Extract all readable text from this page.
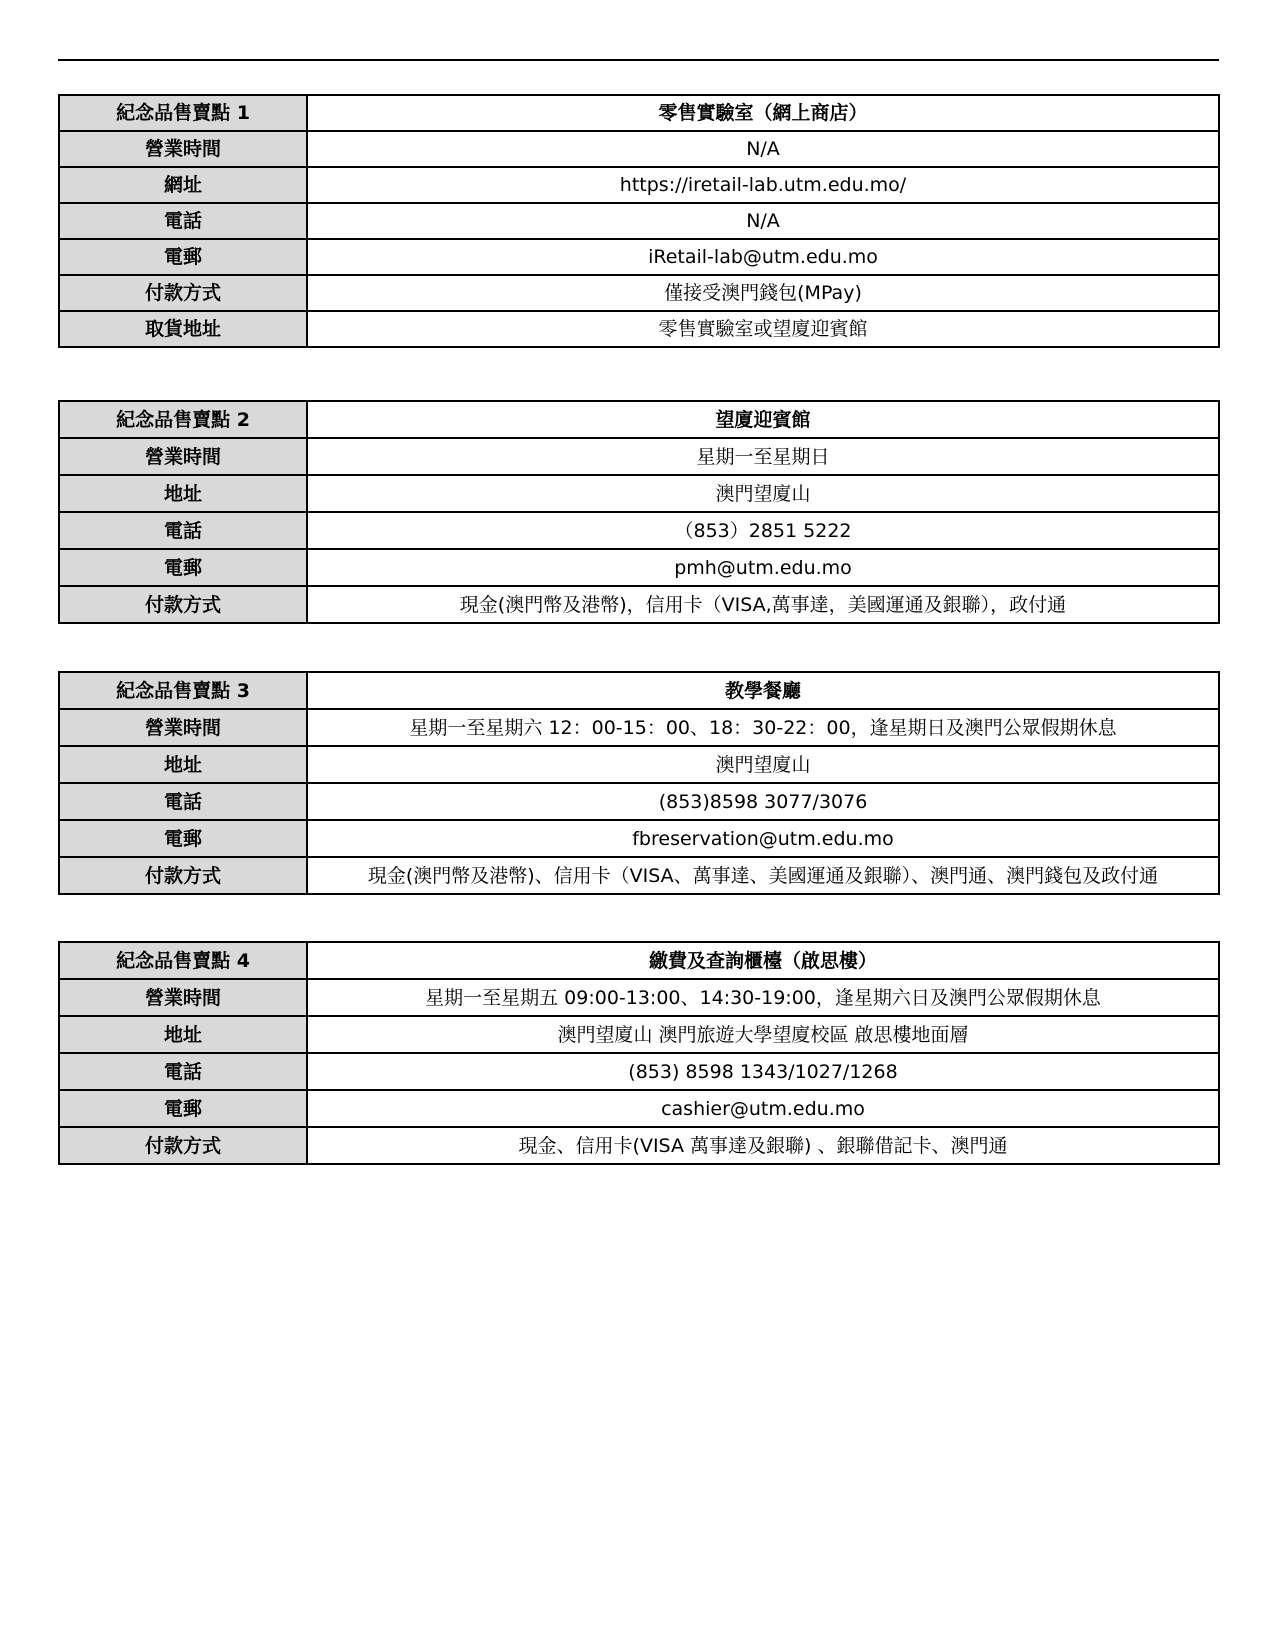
紀念品售賣點 1	零售實驗室（網上商店）
營業時間	N/A
網址	https://iretail-lab.utm.edu.mo/
電話	N/A
電郵	iRetail-lab@utm.edu.mo
付款方式	僅接受澳門錢包(MPay)
取貨地址	零售實驗室或望廈迎賓館
紀念品售賣點 2	望廈迎賓館
營業時間	星期一至星期日
地址	澳門望廈山
電話	（853）2851 5222
電郵	pmh@utm.edu.mo
付款方式	現金(澳門幣及港幣)，信用卡（VISA,萬事達，美國運通及銀聯），政付通
紀念品售賣點 3	教學餐廳
營業時間	星期一至星期六 12：00-15：00、18：30-22：00，逢星期日及澳門公眾假期休息
地址	澳門望廈山
電話	(853)8598 3077/3076
電郵	fbreservation@utm.edu.mo
付款方式	現金(澳門幣及港幣)、信用卡（VISA、萬事達、美國運通及銀聯）、澳門通、澳門錢包及政付通
紀念品售賣點 4	繳費及查詢櫃檯（啟思樓）
營業時間	星期一至星期五 09:00-13:00、14:30-19:00，逢星期六日及澳門公眾假期休息
地址	澳門望廈山 澳門旅遊大學望廈校區 啟思樓地面層
電話	(853) 8598 1343/1027/1268
電郵	cashier@utm.edu.mo
付款方式	現金、信用卡(VISA 萬事達及銀聯) 、銀聯借記卡、澳門通
